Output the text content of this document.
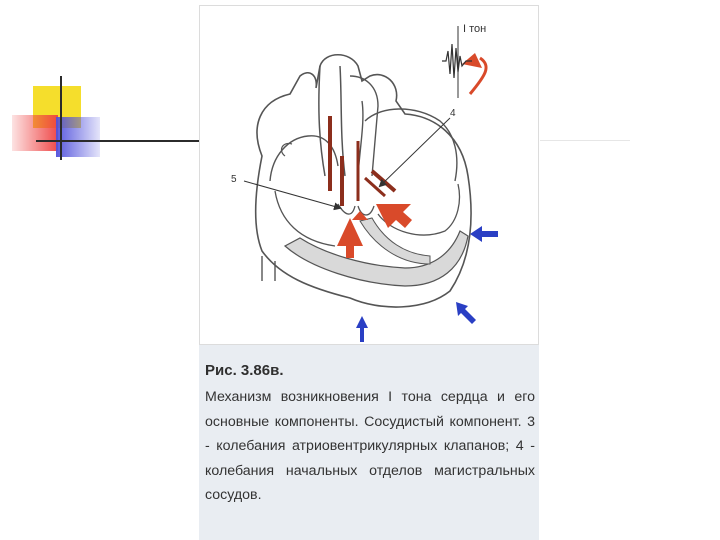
I тон
4
5
Рис. 3.86в.
Механизм возникновения I тона сердца и его основные компоненты. Сосудистый компонент. 3 - колебания атриовентрикулярных клапанов; 4 - колебания начальных отделов магистральных сосудов.
